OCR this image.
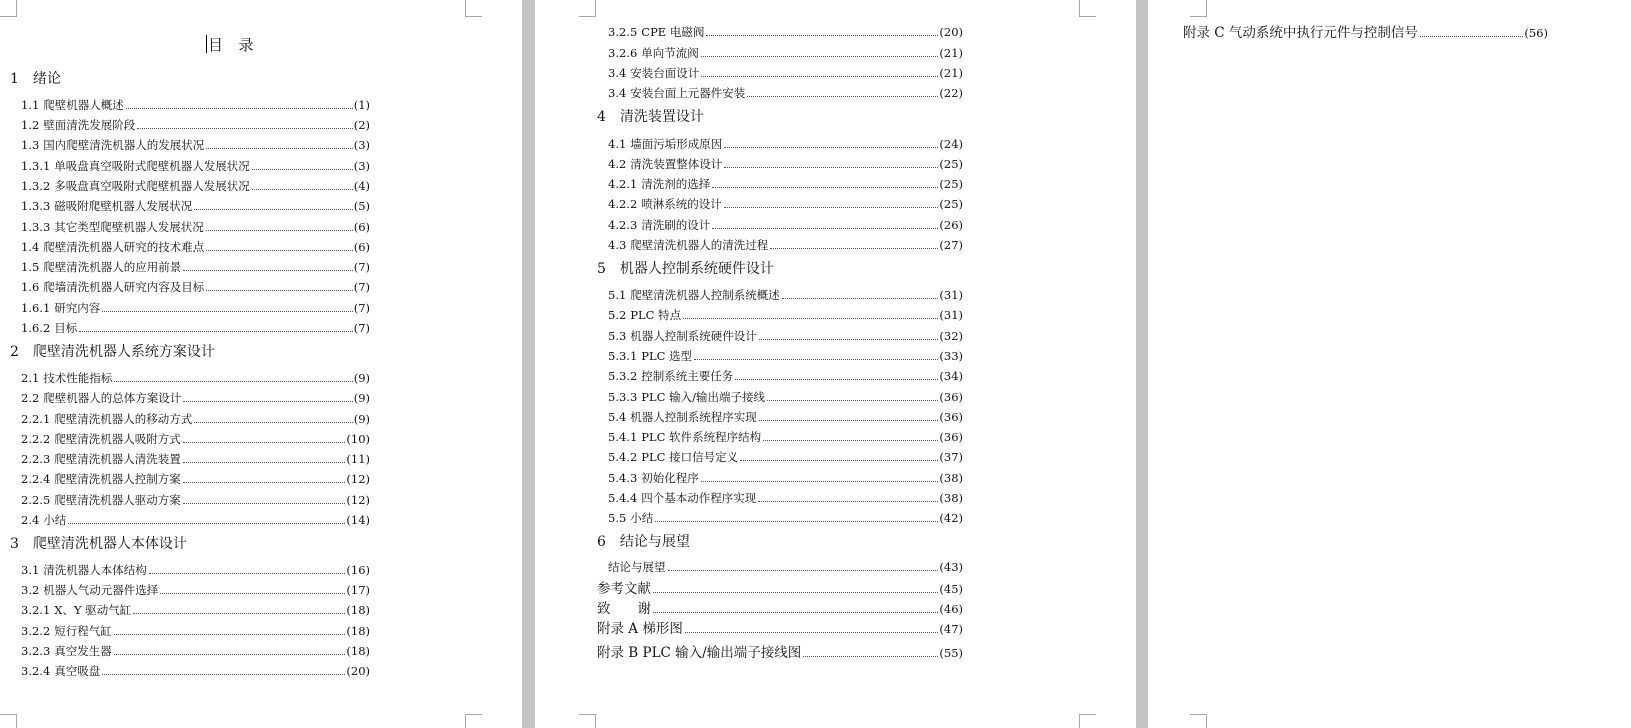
目  录
1 绪论
1.1 爬壁机器人概述	(1)
1.2 壁面清洗发展阶段	(2)
1.3 国内爬壁清洗机器人的发展状况	(3)
1.3.1 单吸盘真空吸附式爬壁机器人发展状况	(3)
1.3.2 多吸盘真空吸附式爬壁机器人发展状况	(4)
1.3.3 磁吸附爬壁机器人发展状况	(5)
1.3.3 其它类型爬壁机器人发展状况	(6)
1.4 爬壁清洗机器人研究的技术难点	(6)
1.5 爬壁清洗机器人的应用前景	(7)
1.6 爬墙清洗机器人研究内容及目标	(7)
1.6.1 研究内容	(7)
1.6.2 目标	(7)
2 爬壁清洗机器人系统方案设计
2.1 技术性能指标	(9)
2.2 爬壁机器人的总体方案设计	(9)
2.2.1 爬壁清洗机器人的移动方式	(9)
2.2.2 爬壁清洗机器人吸附方式	(10)
2.2.3 爬壁清洗机器人清洗装置	(11)
2.2.4 爬壁清洗机器人控制方案	(12)
2.2.5 爬壁清洗机器人驱动方案	(12)
2.4 小结	(14)
3 爬壁清洗机器人本体设计
3.1 清洗机器人本体结构	(16)
3.2 机器人气动元器件选择	(17)
3.2.1 X、Y 驱动气缸	(18)
3.2.2 短行程气缸	(18)
3.2.3 真空发生器	(18)
3.2.4 真空吸盘	(20)
3.2.5 CPE 电磁阀	(20)
3.2.6 单向节流阀	(21)
3.4 安装台面设计	(21)
3.4 安装台面上元器件安装	(22)
4 清洗装置设计
4.1 墙面污垢形成原因	(24)
4.2 清洗装置整体设计	(25)
4.2.1 清洗剂的选择	(25)
4.2.2 喷淋系统的设计	(25)
4.2.3 清洗刷的设计	(26)
4.3 爬壁清洗机器人的清洗过程	(27)
5 机器人控制系统硬件设计
5.1 爬壁清洗机器人控制系统概述	(31)
5.2 PLC 特点	(31)
5.3 机器人控制系统硬件设计	(32)
5.3.1 PLC 选型	(33)
5.3.2 控制系统主要任务	(34)
5.3.3 PLC 输入/输出端子接线	(36)
5.4 机器人控制系统程序实现	(36)
5.4.1 PLC 软件系统程序结构	(36)
5.4.2 PLC 接口信号定义	(37)
5.4.3 初始化程序	(38)
5.4.4 四个基本动作程序实现	(38)
5.5 小结	(42)
6 结论与展望
结论与展望	(43)
参考文献	(45)
致　　谢	(46)
附录 A 梯形图	(47)
附录 B PLC 输入/输出端子接线图	(55)
附录 C 气动系统中执行元件与控制信号	(56)
